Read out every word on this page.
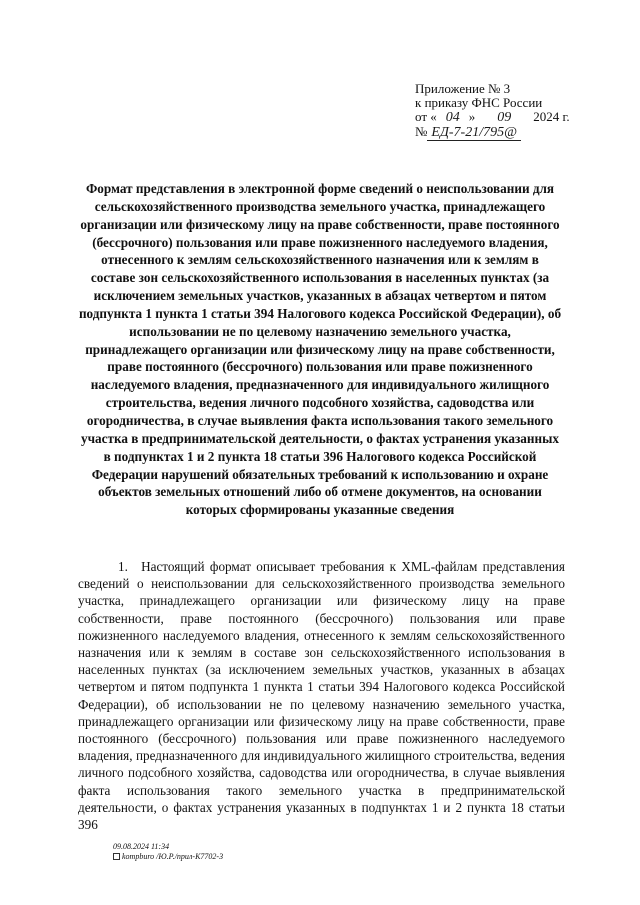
Приложение № 3
к приказу ФНС России
от « 04 » 09 2024 г.
№ ЕД-7-21/795@
Формат представления в электронной форме сведений о неиспользовании для сельскохозяйственного производства земельного участка, принадлежащего организации или физическому лицу на праве собственности, праве постоянного (бессрочного) пользования или праве пожизненного наследуемого владения, отнесенного к землям сельскохозяйственного назначения или к землям в составе зон сельскохозяйственного использования в населенных пунктах (за исключением земельных участков, указанных в абзацах четвертом и пятом подпункта 1 пункта 1 статьи 394 Налогового кодекса Российской Федерации), об использовании не по целевому назначению земельного участка, принадлежащего организации или физическому лицу на праве собственности, праве постоянного (бессрочного) пользования или праве пожизненного наследуемого владения, предназначенного для индивидуального жилищного строительства, ведения личного подсобного хозяйства, садоводства или огородничества, в случае выявления факта использования такого земельного участка в предпринимательской деятельности, о фактах устранения указанных в подпунктах 1 и 2 пункта 18 статьи 396 Налогового кодекса Российской Федерации нарушений обязательных требований к использованию и охране объектов земельных отношений либо об отмене документов, на основании которых сформированы указанные сведения
1. Настоящий формат описывает требования к XML-файлам представления сведений о неиспользовании для сельскохозяйственного производства земельного участка, принадлежащего организации или физическому лицу на праве собственности, праве постоянного (бессрочного) пользования или праве пожизненного наследуемого владения, отнесенного к землям сельскохозяйственного назначения или к землям в составе зон сельскохозяйственного использования в населенных пунктах (за исключением земельных участков, указанных в абзацах четвертом и пятом подпункта 1 пункта 1 статьи 394 Налогового кодекса Российской Федерации), об использовании не по целевому назначению земельного участка, принадлежащего организации или физическому лицу на праве собственности, праве постоянного (бессрочного) пользования или праве пожизненного наследуемого владения, предназначенного для индивидуального жилищного строительства, ведения личного подсобного хозяйства, садоводства или огородничества, в случае выявления факта использования такого земельного участка в предпринимательской деятельности, о фактах устранения указанных в подпунктах 1 и 2 пункта 18 статьи 396
09.08.2024 11:34
kompburo /Ю.Р./прил-К7702-3
